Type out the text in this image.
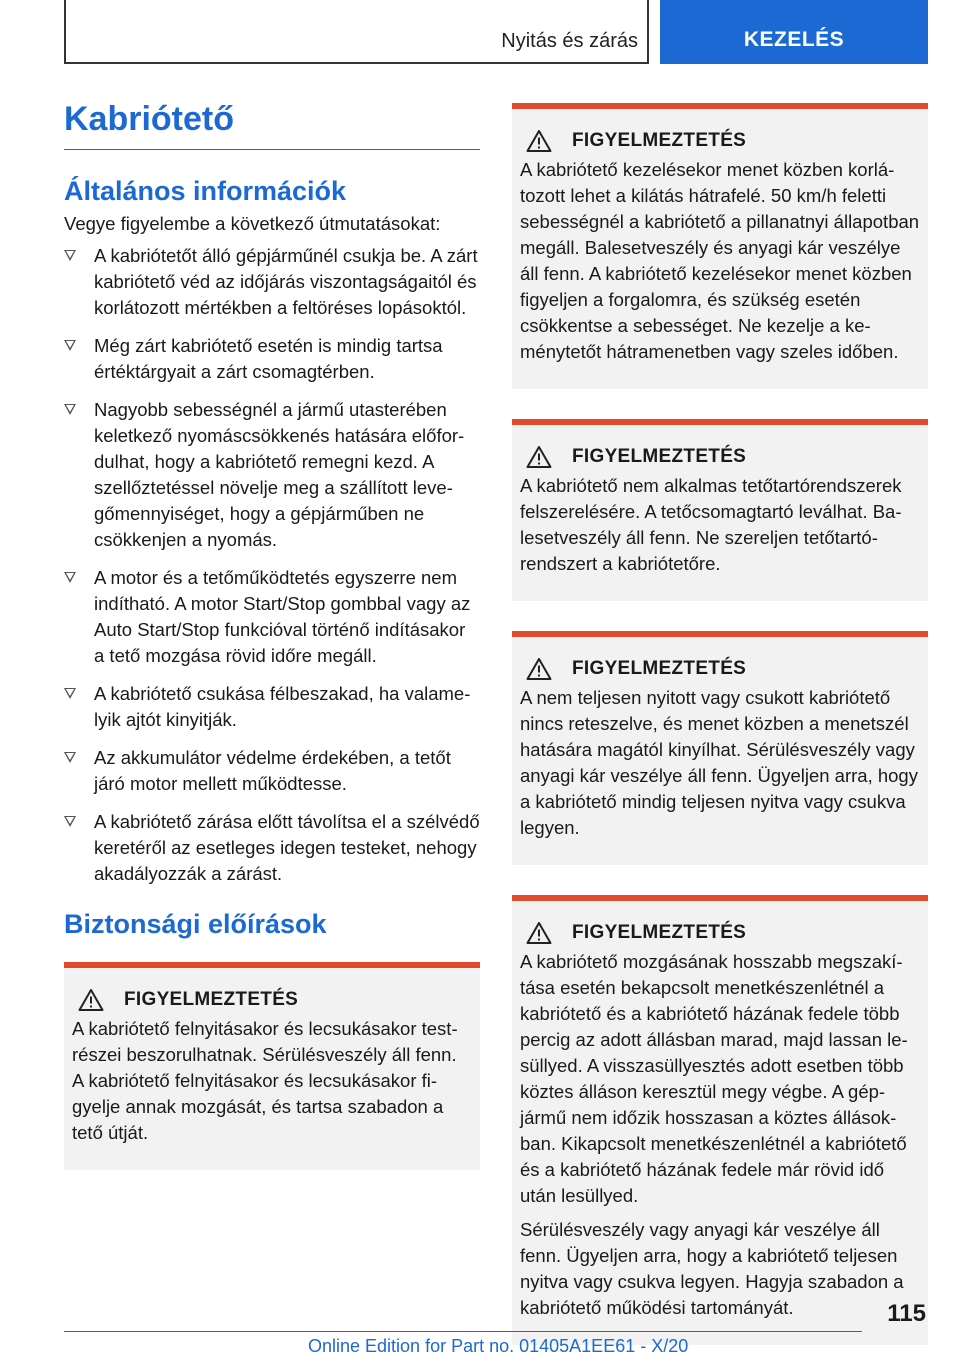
Nyitás és zárás	KEZELÉS
Kabriótető
Általános információk

Vegye figyelembe a következő útmutatásokat:

A kabriótetőt álló gépjárműnél csukja be. A zárt kabriótető véd az időjárás viszontagságaitól és korlátozott mértékben a feltöréses lopásoktól.
Még zárt kabriótető esetén is mindig tartsa értéktárgyait a zárt csomagtérben.
Nagyobb sebességnél a jármű utasterében keletkező nyomáscsökkenés hatására előfordulhat, hogy a kabriótető remegni kezd. A szellőztetéssel növelje meg a szállított levegőmennyiséget, hogy a gépjárműben ne csökkenjen a nyomás.
A motor és a tetőműködtetés egyszerre nem indítható. A motor Start/Stop gombbal vagy az Auto Start/Stop funkcióval történő indításakor a tető mozgása rövid időre megáll.
A kabriótető csukása félbeszakad, ha valamelyik ajtót kinyitják.
Az akkumulátor védelme érdekében, a tetőt járó motor mellett működtesse.
A kabriótető zárása előtt távolítsa el a szélvédő keretéről az esetleges idegen testeket, nehogy akadályozzák a zárást.
Biztonsági előírások
FIGYELMEZTETÉS

A kabriótető felnyitásakor és lecsukásakor testrészei beszorulhatnak. Sérülésveszély áll fenn. A kabriótető felnyitásakor és lecsukásakor figyelje annak mozgását, és tartsa szabadon a tető útját.

FIGYELMEZTETÉS

A kabriótető kezelésekor menet közben korlátozott lehet a kilátás hátrafelé. 50 km/h feletti sebességnél a kabriótető a pillanatnyi állapotban megáll. Balesetveszély és anyagi kár veszélye áll fenn. A kabriótető kezelésekor menet közben figyeljen a forgalomra, és szükség esetén csökkentse a sebességet. Ne kezelje a keménytetőt hátramenetben vagy szeles időben.

FIGYELMEZTETÉS

A kabriótető nem alkalmas tetőtartórendszerek felszerelésére. A tetőcsomagtartó leválhat. Balesetveszély áll fenn. Ne szereljen tetőtartórendszert a kabriótetőre.

FIGYELMEZTETÉS

A nem teljesen nyitott vagy csukott kabriótető nincs reteszelve, és menet közben a menetszél hatására magától kinyílhat. Sérülésveszély vagy anyagi kár veszélye áll fenn. Ügyeljen arra, hogy a kabriótető mindig teljesen nyitva vagy csukva legyen.

FIGYELMEZTETÉS

A kabriótető mozgásának hosszabb megszakítása esetén bekapcsolt menetkészenlétnél a kabriótető és a kabriótető házának fedele több percig az adott állásban marad, majd lassan lesüllyed. A visszasüllyesztés adott esetben több köztes álláson keresztül megy végbe. A gépjármű nem időzik hosszasan a köztes állásokban. Kikapcsolt menetkészenlétnél a kabriótető és a kabriótető házának fedele már rövid idő után lesüllyed.

Sérülésveszély vagy anyagi kár veszélye áll fenn. Ügyeljen arra, hogy a kabriótető teljesen nyitva vagy csukva legyen. Hagyja szabadon a kabriótető működési tartományát.	115
Online Edition for Part no. 01405A1EE61 - X/20
